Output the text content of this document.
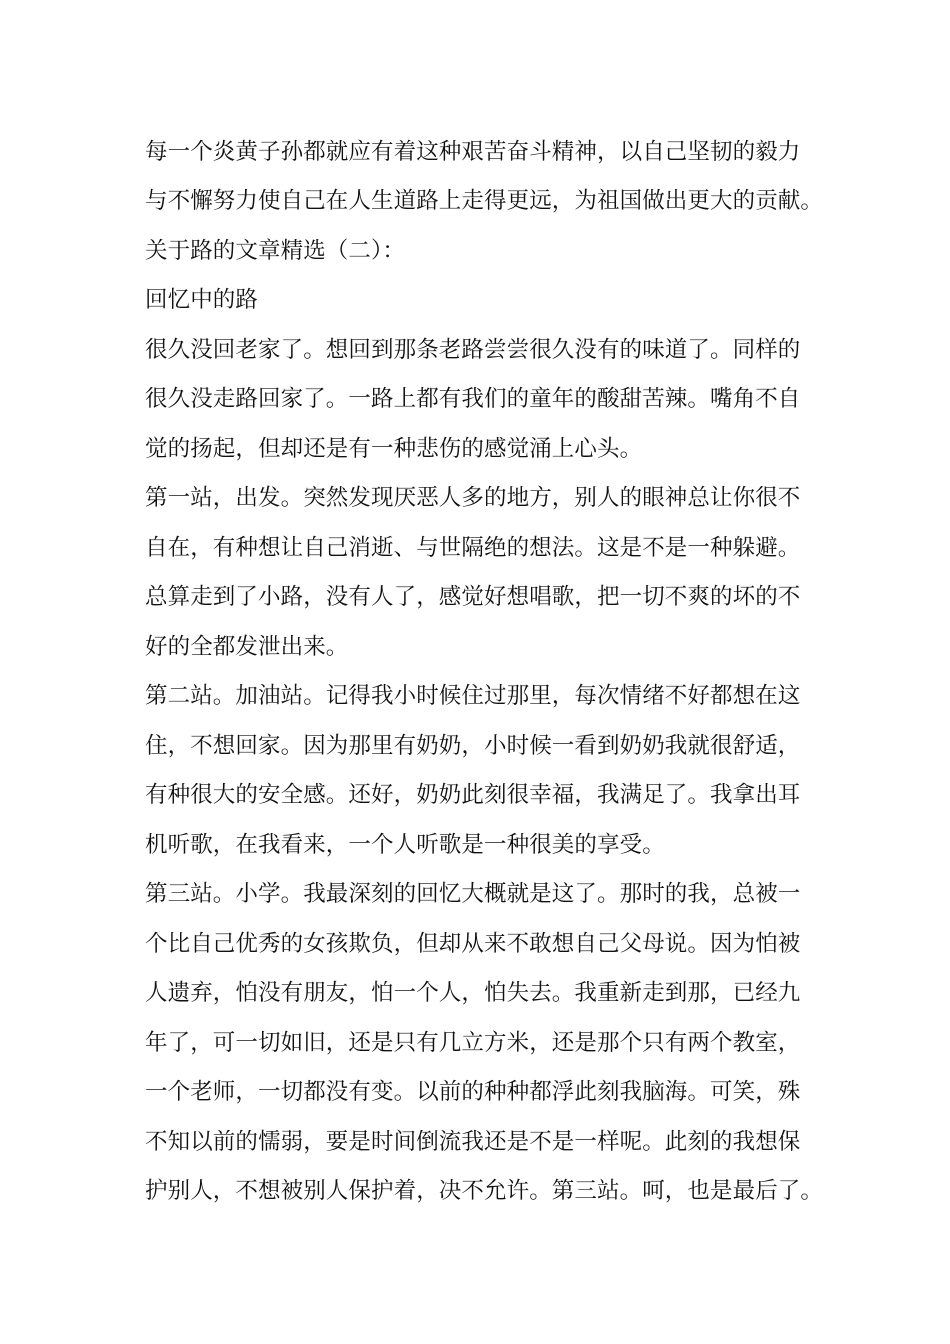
每一个炎黄子孙都就应有着这种艰苦奋斗精神，以自己坚韧的毅力
与不懈努力使自己在人生道路上走得更远，为祖国做出更大的贡献。
关于路的文章精选（二）：
回忆中的路
很久没回老家了。想回到那条老路尝尝很久没有的味道了。同样的
很久没走路回家了。一路上都有我们的童年的酸甜苦辣。嘴角不自
觉的扬起，但却还是有一种悲伤的感觉涌上心头。
第一站，出发。突然发现厌恶人多的地方，别人的眼神总让你很不
自在，有种想让自己消逝、与世隔绝的想法。这是不是一种躲避。
总算走到了小路，没有人了，感觉好想唱歌，把一切不爽的坏的不
好的全都发泄出来。
第二站。加油站。记得我小时候住过那里，每次情绪不好都想在这
住，不想回家。因为那里有奶奶，小时候一看到奶奶我就很舒适，
有种很大的安全感。还好，奶奶此刻很幸福，我满足了。我拿出耳
机听歌，在我看来，一个人听歌是一种很美的享受。
第三站。小学。我最深刻的回忆大概就是这了。那时的我，总被一
个比自己优秀的女孩欺负，但却从来不敢想自己父母说。因为怕被
人遗弃，怕没有朋友，怕一个人，怕失去。我重新走到那，已经九
年了，可一切如旧，还是只有几立方米，还是那个只有两个教室，
一个老师，一切都没有变。以前的种种都浮此刻我脑海。可笑，殊
不知以前的懦弱，要是时间倒流我还是不是一样呢。此刻的我想保
护别人，不想被别人保护着，决不允许。第三站。呵，也是最后了。
